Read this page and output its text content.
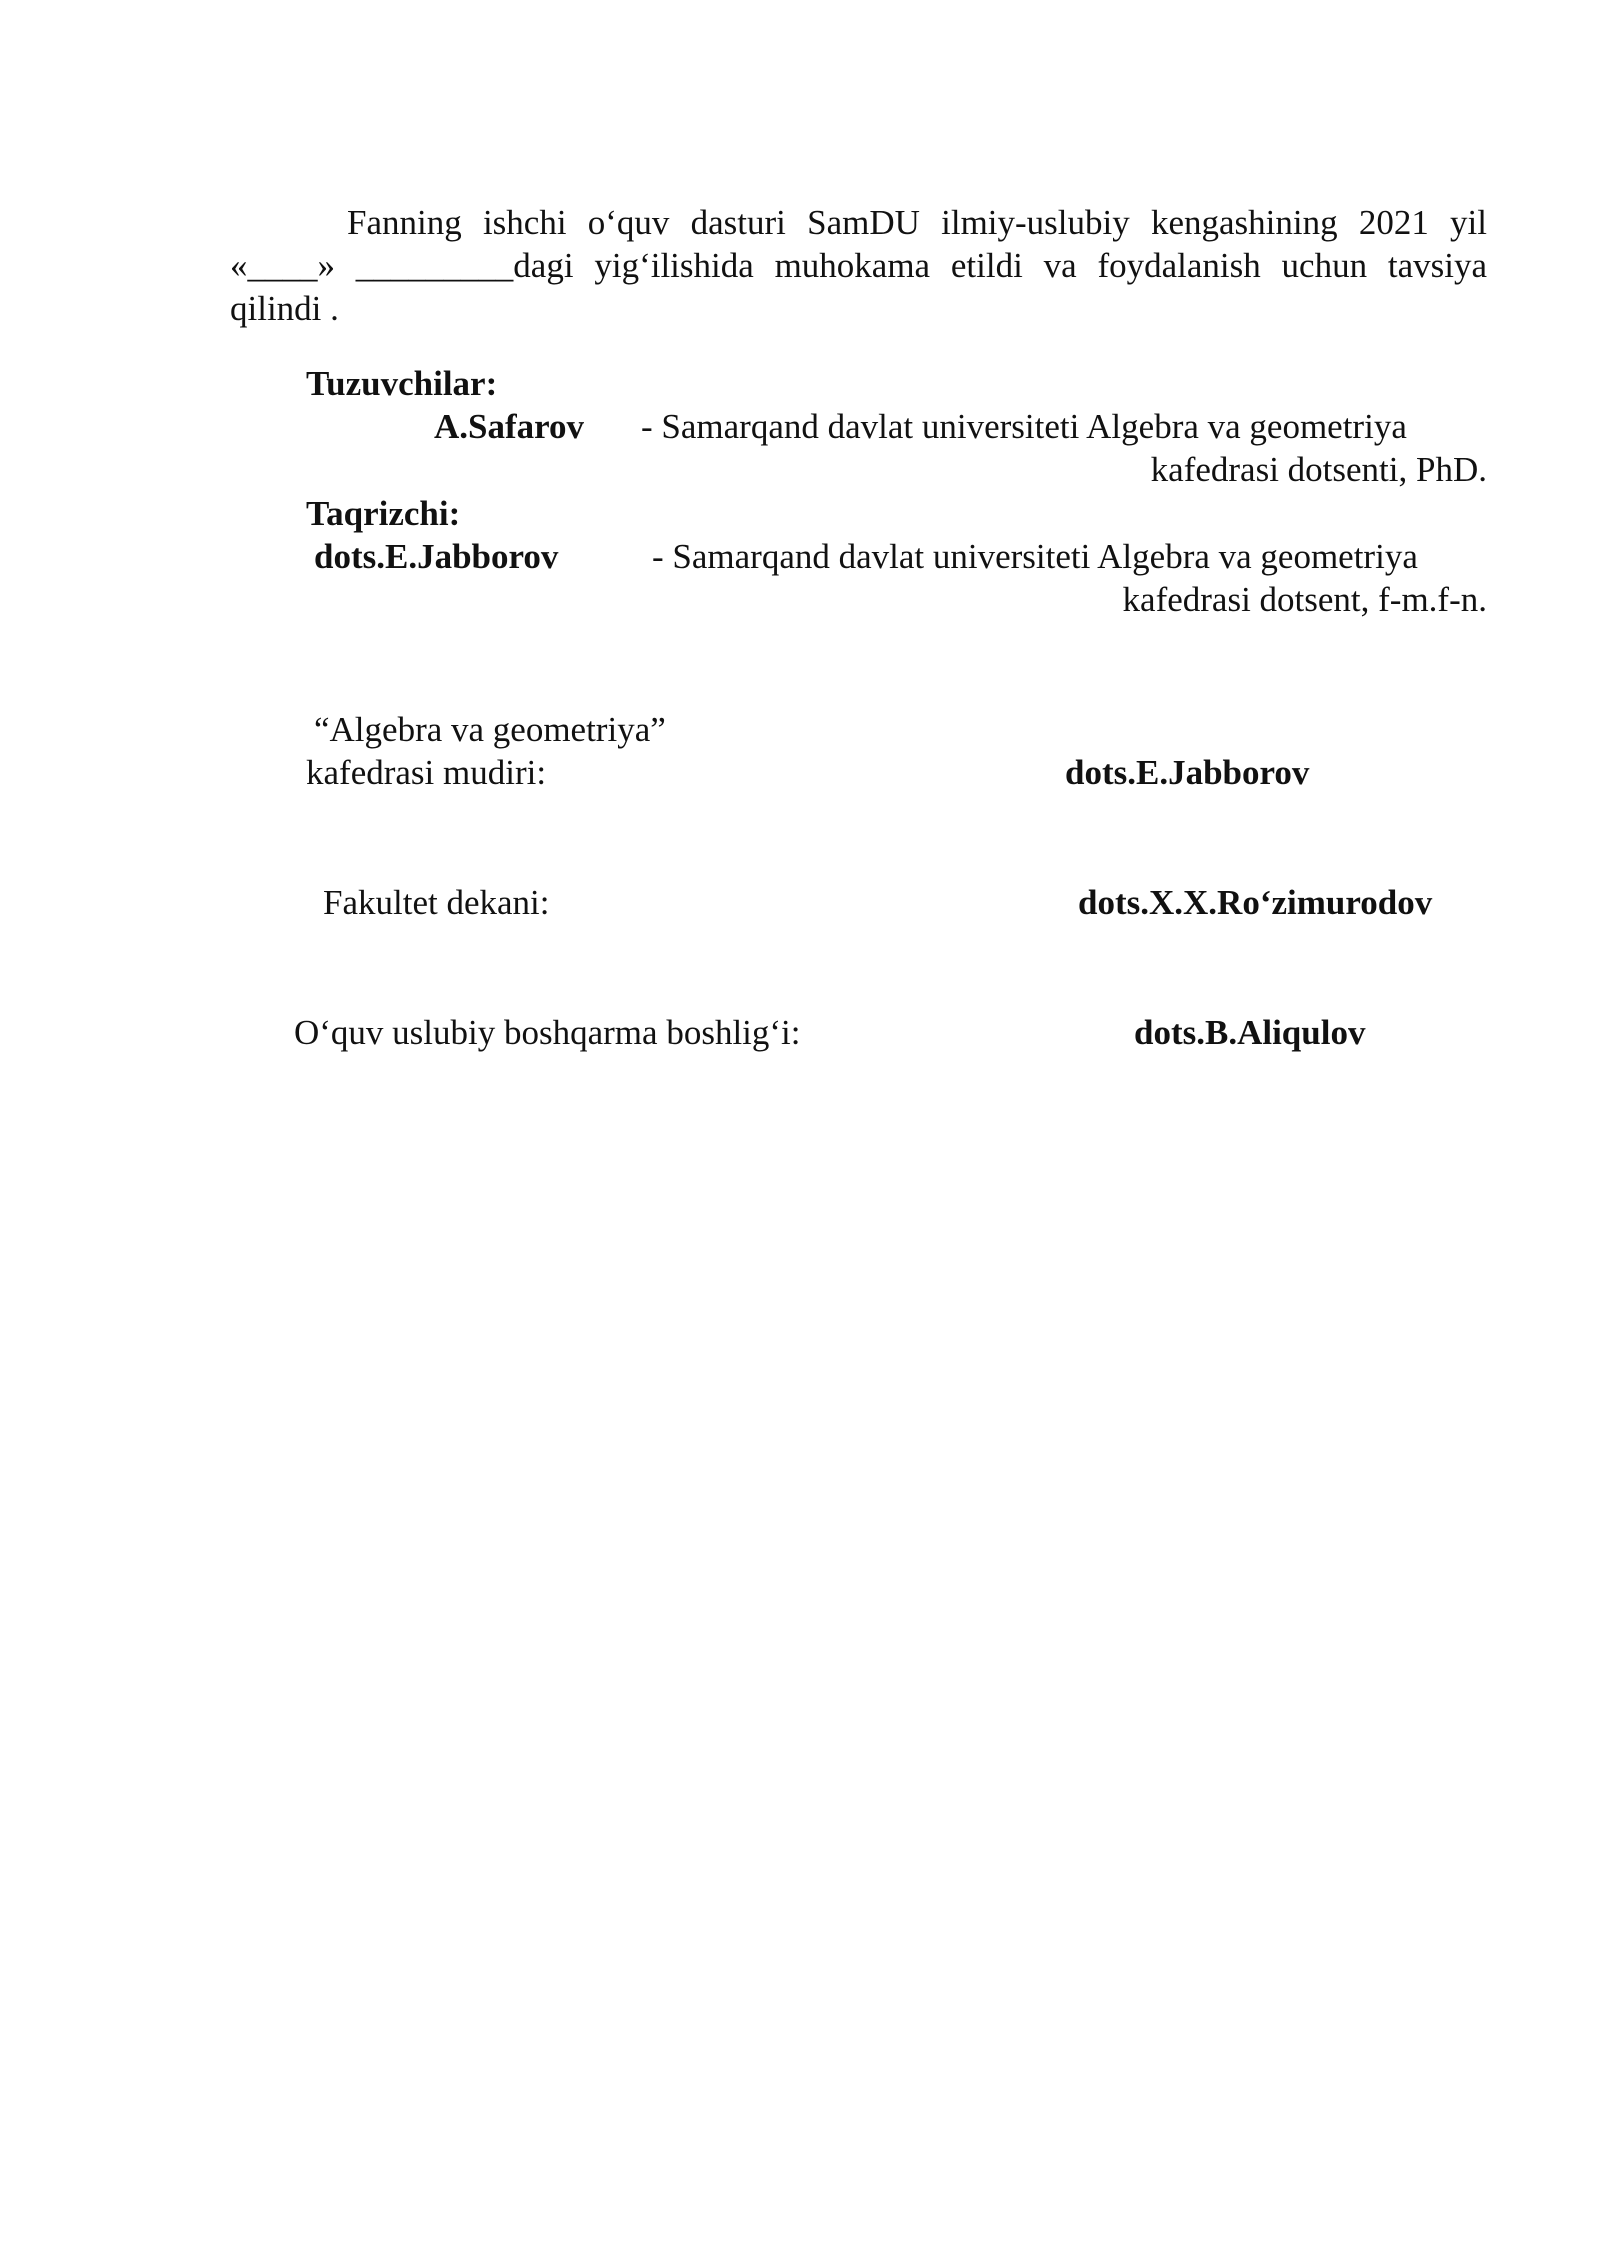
Fanning ishchi o‘quv dasturi SamDU ilmiy-uslubiy kengashining 2021 yil
«____» _________dagi yig‘ilishida muhokama etildi va foydalanish uchun tavsiya
qilindi .
Tuzuvchilar:
A.Safarov - Samarqand davlat universiteti Algebra va geometriya
kafedrasi dotsenti, PhD.
Taqrizchi:
dots.E.Jabborov	- Samarqand davlat universiteti Algebra va geometriya
kafedrasi dotsent, f-m.f-n.
“Algebra va geometriya”
kafedrasi mudiri:	dots.E.Jabborov
Fakultet dekani:	dots.X.X.Ro‘zimurodov
O‘quv uslubiy boshqarma boshlig‘i:	dots.B.Aliqulov
